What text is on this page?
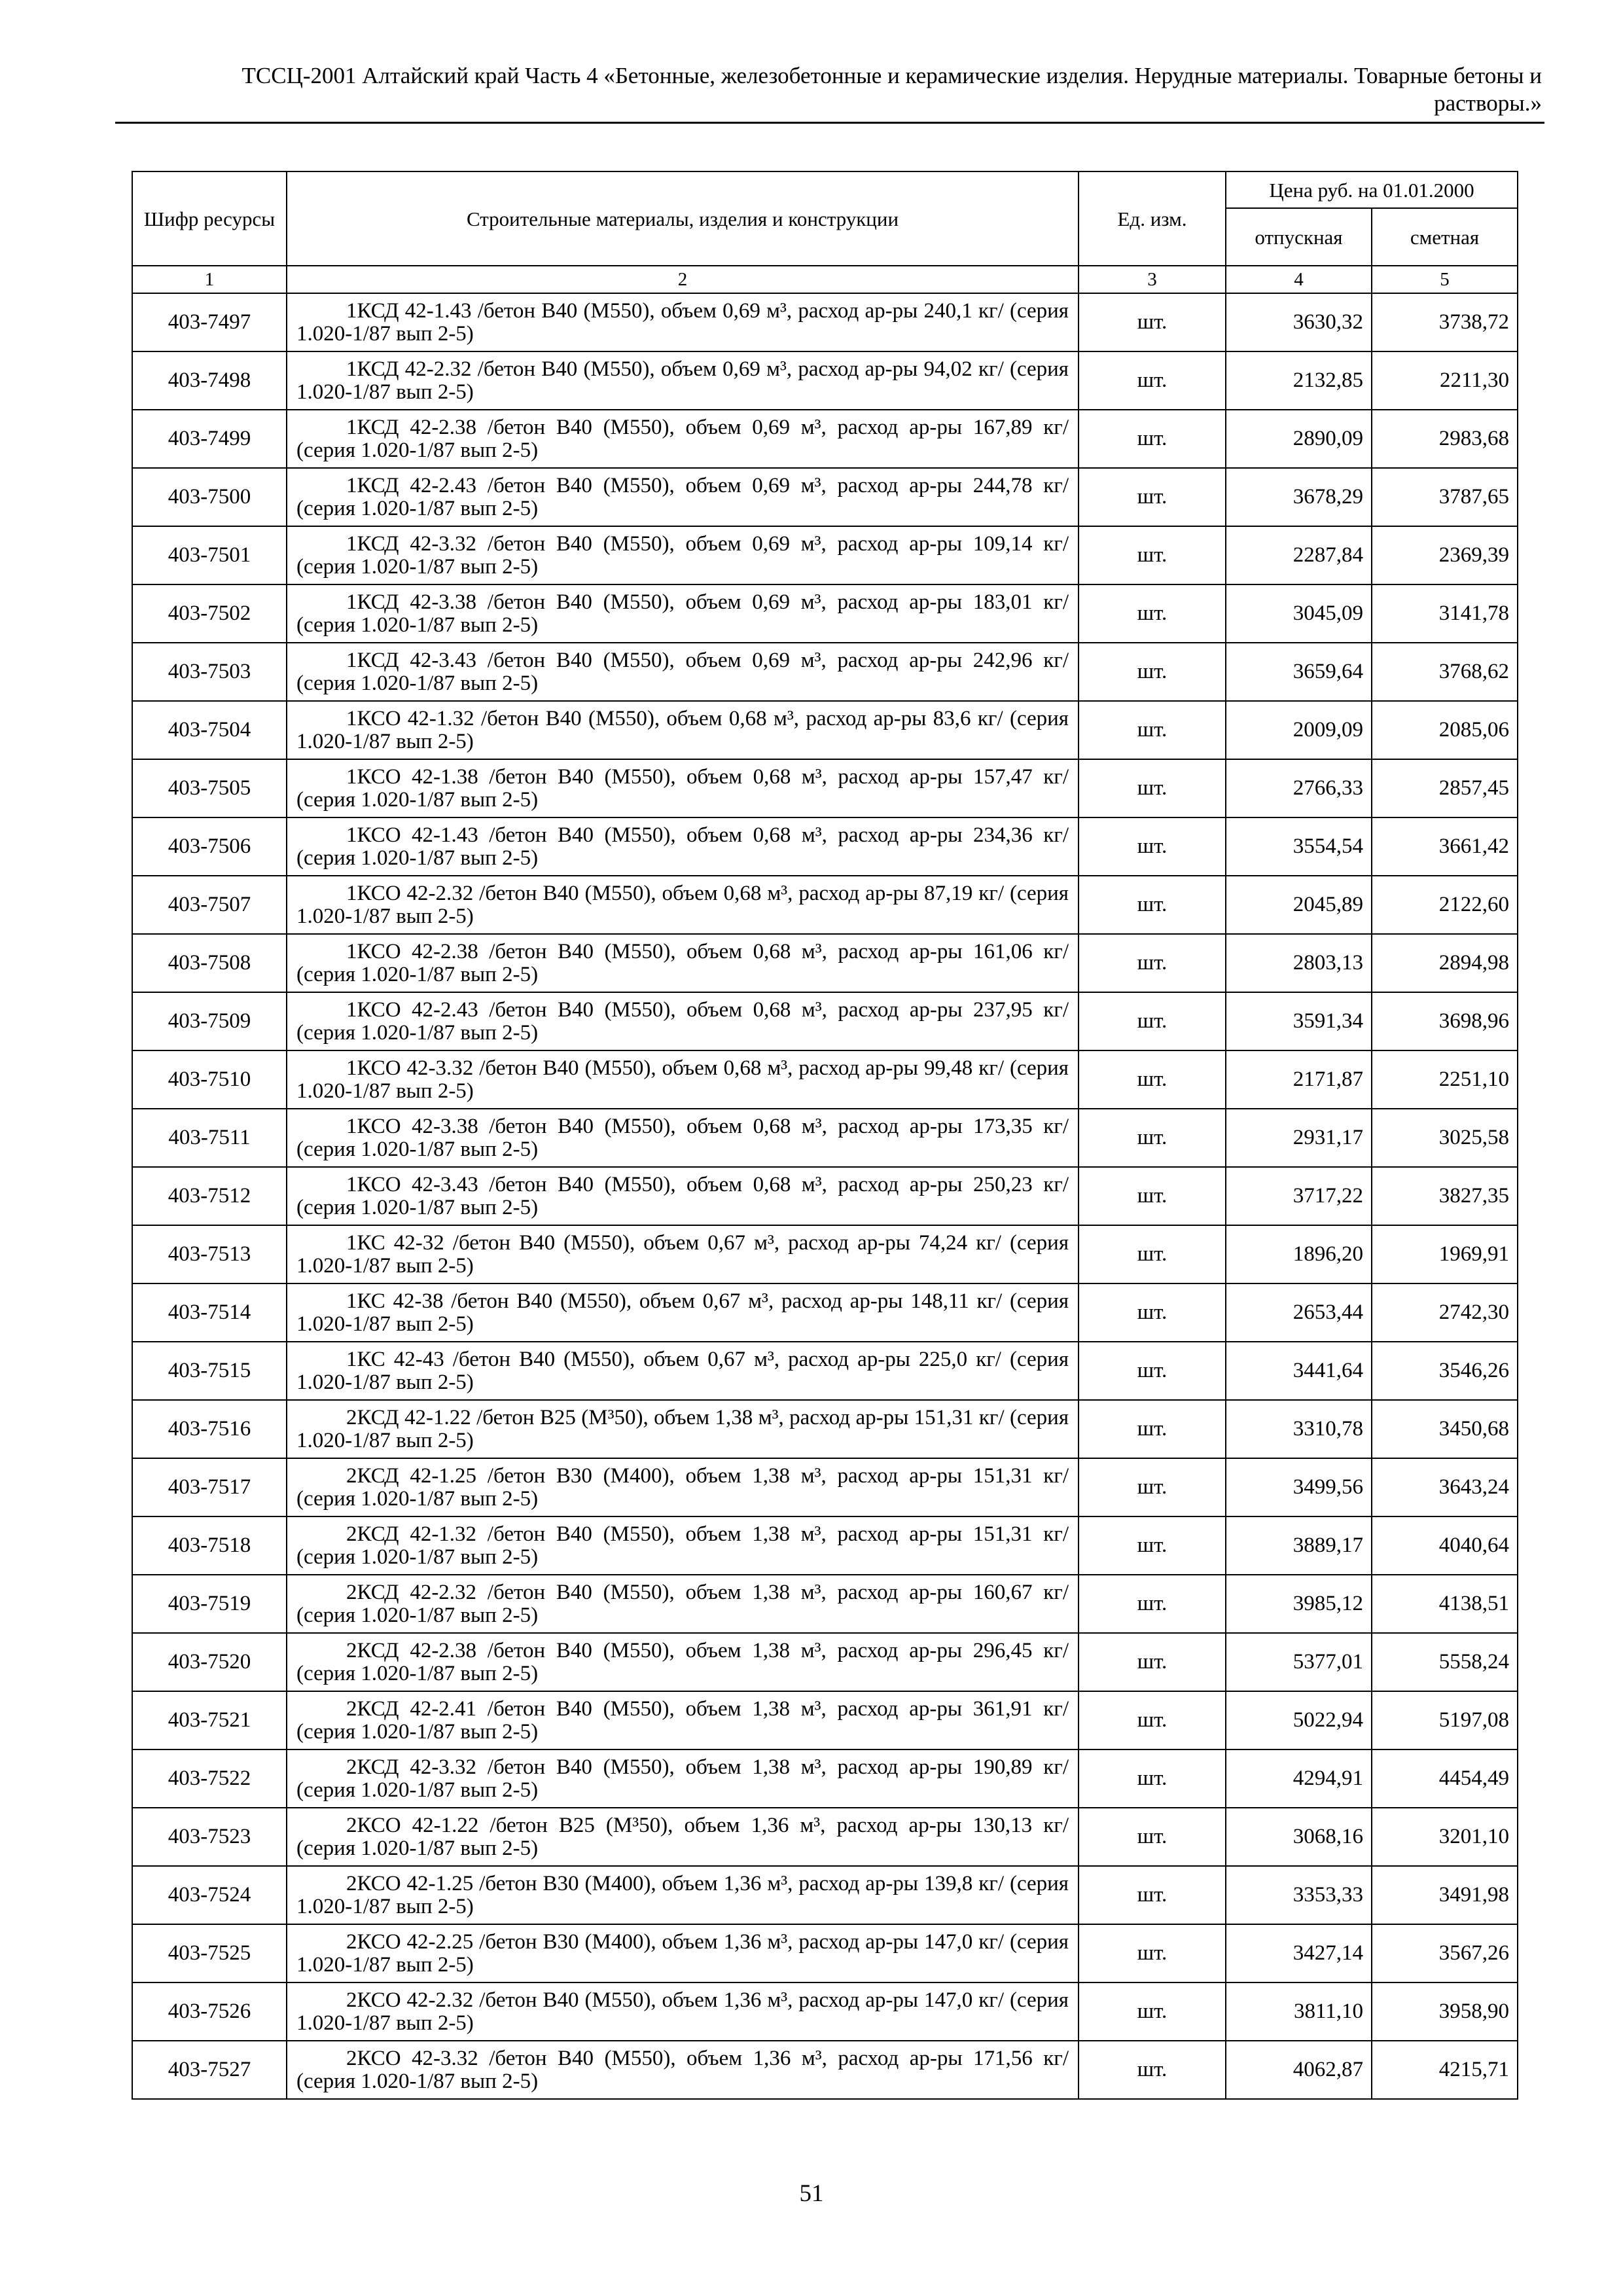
ТССЦ-2001 Алтайский край Часть 4 «Бетонные, железобетонные и керамические изделия. Нерудные материалы. Товарные бетоны и
растворы.»
Шифр ресурсы	Строительные материалы, изделия и конструкции	Ед. изм.	Цена руб. на 01.01.2000	
			отпускная	сметная
1	2	3	4	5
403-7497	1КСД 42-1.43 /бетон В40 (М550), объем 0,69 м³, расход ар-ры 240,1 кг/ (серия 1.020-1/87 вып 2-5)	шт.	3630,32	3738,72
403-7498	1КСД 42-2.32 /бетон В40 (М550), объем 0,69 м³, расход ар-ры 94,02 кг/ (серия 1.020-1/87 вып 2-5)	шт.	2132,85	2211,30
403-7499	1КСД 42-2.38 /бетон В40 (М550), объем 0,69 м³, расход ар-ры 167,89 кг/ (серия 1.020-1/87 вып 2-5)	шт.	2890,09	2983,68
403-7500	1КСД 42-2.43 /бетон В40 (М550), объем 0,69 м³, расход ар-ры 244,78 кг/ (серия 1.020-1/87 вып 2-5)	шт.	3678,29	3787,65
403-7501	1КСД 42-3.32 /бетон В40 (М550), объем 0,69 м³, расход ар-ры 109,14 кг/ (серия 1.020-1/87 вып 2-5)	шт.	2287,84	2369,39
403-7502	1КСД 42-3.38 /бетон В40 (М550), объем 0,69 м³, расход ар-ры 183,01 кг/ (серия 1.020-1/87 вып 2-5)	шт.	3045,09	3141,78
403-7503	1КСД 42-3.43 /бетон В40 (М550), объем 0,69 м³, расход ар-ры 242,96 кг/ (серия 1.020-1/87 вып 2-5)	шт.	3659,64	3768,62
403-7504	1КСО 42-1.32 /бетон В40 (М550), объем 0,68 м³, расход ар-ры 83,6 кг/ (серия 1.020-1/87 вып 2-5)	шт.	2009,09	2085,06
403-7505	1КСО 42-1.38 /бетон В40 (М550), объем 0,68 м³, расход ар-ры 157,47 кг/ (серия 1.020-1/87 вып 2-5)	шт.	2766,33	2857,45
403-7506	1КСО 42-1.43 /бетон В40 (М550), объем 0,68 м³, расход ар-ры 234,36 кг/ (серия 1.020-1/87 вып 2-5)	шт.	3554,54	3661,42
403-7507	1КСО 42-2.32 /бетон В40 (М550), объем 0,68 м³, расход ар-ры 87,19 кг/ (серия 1.020-1/87 вып 2-5)	шт.	2045,89	2122,60
403-7508	1КСО 42-2.38 /бетон В40 (М550), объем 0,68 м³, расход ар-ры 161,06 кг/ (серия 1.020-1/87 вып 2-5)	шт.	2803,13	2894,98
403-7509	1КСО 42-2.43 /бетон В40 (М550), объем 0,68 м³, расход ар-ры 237,95 кг/ (серия 1.020-1/87 вып 2-5)	шт.	3591,34	3698,96
403-7510	1КСО 42-3.32 /бетон В40 (М550), объем 0,68 м³, расход ар-ры 99,48 кг/ (серия 1.020-1/87 вып 2-5)	шт.	2171,87	2251,10
403-7511	1КСО 42-3.38 /бетон В40 (М550), объем 0,68 м³, расход ар-ры 173,35 кг/ (серия 1.020-1/87 вып 2-5)	шт.	2931,17	3025,58
403-7512	1КСО 42-3.43 /бетон В40 (М550), объем 0,68 м³, расход ар-ры 250,23 кг/ (серия 1.020-1/87 вып 2-5)	шт.	3717,22	3827,35
403-7513	1КС 42-32 /бетон В40 (М550), объем 0,67 м³, расход ар-ры 74,24 кг/ (серия 1.020-1/87 вып 2-5)	шт.	1896,20	1969,91
403-7514	1КС 42-38 /бетон В40 (М550), объем 0,67 м³, расход ар-ры 148,11 кг/ (серия 1.020-1/87 вып 2-5)	шт.	2653,44	2742,30
403-7515	1КС 42-43 /бетон В40 (М550), объем 0,67 м³, расход ар-ры 225,0 кг/ (серия 1.020-1/87 вып 2-5)	шт.	3441,64	3546,26
403-7516	2КСД 42-1.22 /бетон В25 (М³50), объем 1,38 м³, расход ар-ры 151,31 кг/ (серия 1.020-1/87 вып 2-5)	шт.	3310,78	3450,68
403-7517	2КСД 42-1.25 /бетон В30 (М400), объем 1,38 м³, расход ар-ры 151,31 кг/ (серия 1.020-1/87 вып 2-5)	шт.	3499,56	3643,24
403-7518	2КСД 42-1.32 /бетон В40 (М550), объем 1,38 м³, расход ар-ры 151,31 кг/ (серия 1.020-1/87 вып 2-5)	шт.	3889,17	4040,64
403-7519	2КСД 42-2.32 /бетон В40 (М550), объем 1,38 м³, расход ар-ры 160,67 кг/ (серия 1.020-1/87 вып 2-5)	шт.	3985,12	4138,51
403-7520	2КСД 42-2.38 /бетон В40 (М550), объем 1,38 м³, расход ар-ры 296,45 кг/ (серия 1.020-1/87 вып 2-5)	шт.	5377,01	5558,24
403-7521	2КСД 42-2.41 /бетон В40 (М550), объем 1,38 м³, расход ар-ры 361,91 кг/ (серия 1.020-1/87 вып 2-5)	шт.	5022,94	5197,08
403-7522	2КСД 42-3.32 /бетон В40 (М550), объем 1,38 м³, расход ар-ры 190,89 кг/ (серия 1.020-1/87 вып 2-5)	шт.	4294,91	4454,49
403-7523	2КСО 42-1.22 /бетон В25 (М³50), объем 1,36 м³, расход ар-ры 130,13 кг/ (серия 1.020-1/87 вып 2-5)	шт.	3068,16	3201,10
403-7524	2КСО 42-1.25 /бетон В30 (М400), объем 1,36 м³, расход ар-ры 139,8 кг/ (серия 1.020-1/87 вып 2-5)	шт.	3353,33	3491,98
403-7525	2КСО 42-2.25 /бетон В30 (М400), объем 1,36 м³, расход ар-ры 147,0 кг/ (серия 1.020-1/87 вып 2-5)	шт.	3427,14	3567,26
403-7526	2КСО 42-2.32 /бетон В40 (М550), объем 1,36 м³, расход ар-ры 147,0 кг/ (серия 1.020-1/87 вып 2-5)	шт.	3811,10	3958,90
403-7527	2КСО 42-3.32 /бетон В40 (М550), объем 1,36 м³, расход ар-ры 171,56 кг/ (серия 1.020-1/87 вып 2-5)	шт.	4062,87	4215,71
51
